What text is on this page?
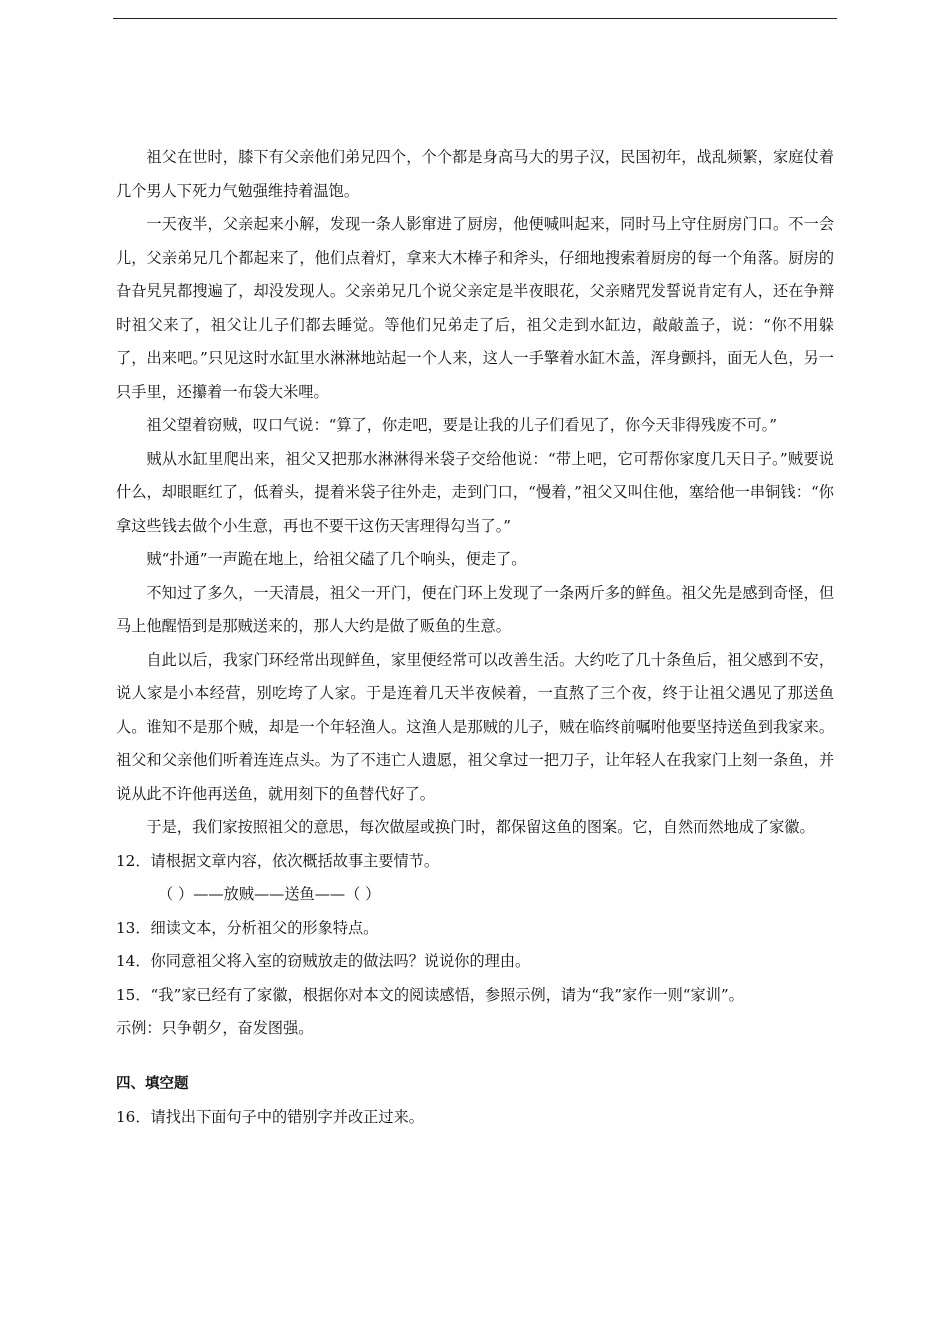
祖父在世时，膝下有父亲他们弟兄四个，个个都是身高马大的男子汉，民国初年，战乱频繁，家庭仗着几个男人下死力气勉强维持着温饱。

一天夜半，父亲起来小解，发现一条人影窜进了厨房，他便喊叫起来，同时马上守住厨房门口。不一会儿，父亲弟兄几个都起来了，他们点着灯，拿来大木棒子和斧头，仔细地搜索着厨房的每一个角落。厨房的旮旮旯旯都搜遍了，却没发现人。父亲弟兄几个说父亲定是半夜眼花，父亲赌咒发誓说肯定有人，还在争辩时祖父来了，祖父让儿子们都去睡觉。等他们兄弟走了后，祖父走到水缸边，敲敲盖子，说：“你不用躲了，出来吧。”只见这时水缸里水淋淋地站起一个人来，这人一手擎着水缸木盖，浑身颤抖，面无人色，另一只手里，还攥着一布袋大米哩。

祖父望着窃贼，叹口气说：“算了，你走吧，要是让我的儿子们看见了，你今天非得残废不可。”

贼从水缸里爬出来，祖父又把那水淋淋得米袋子交给他说：“带上吧，它可帮你家度几天日子。”贼要说什么，却眼眶红了，低着头，提着米袋子往外走，走到门口，“慢着，”祖父又叫住他，塞给他一串铜钱：“你拿这些钱去做个小生意，再也不要干这伤天害理得勾当了。”

贼“扑通”一声跪在地上，给祖父磕了几个响头，便走了。

不知过了多久，一天清晨，祖父一开门，便在门环上发现了一条两斤多的鲜鱼。祖父先是感到奇怪，但马上他醒悟到是那贼送来的，那人大约是做了贩鱼的生意。

自此以后，我家门环经常出现鲜鱼，家里便经常可以改善生活。大约吃了几十条鱼后，祖父感到不安，说人家是小本经营，别吃垮了人家。于是连着几天半夜候着，一直熬了三个夜，终于让祖父遇见了那送鱼人。谁知不是那个贼，却是一个年轻渔人。这渔人是那贼的儿子，贼在临终前嘱咐他要坚持送鱼到我家来。祖父和父亲他们听着连连点头。为了不违亡人遗愿，祖父拿过一把刀子，让年轻人在我家门上刻一条鱼，并说从此不许他再送鱼，就用刻下的鱼替代好了。

于是，我们家按照祖父的意思，每次做屋或换门时，都保留这鱼的图案。它，自然而然地成了家徽。

12．请根据文章内容，依次概括故事主要情节。

（ ）——放贼——送鱼——（ ）

13．细读文本，分析祖父的形象特点。

14．你同意祖父将入室的窃贼放走的做法吗？说说你的理由。

15．“我”家已经有了家徽，根据你对本文的阅读感悟，参照示例，请为“我”家作一则“家训”。

示例：只争朝夕，奋发图强。

四、填空题

16．请找出下面句子中的错别字并改正过来。
